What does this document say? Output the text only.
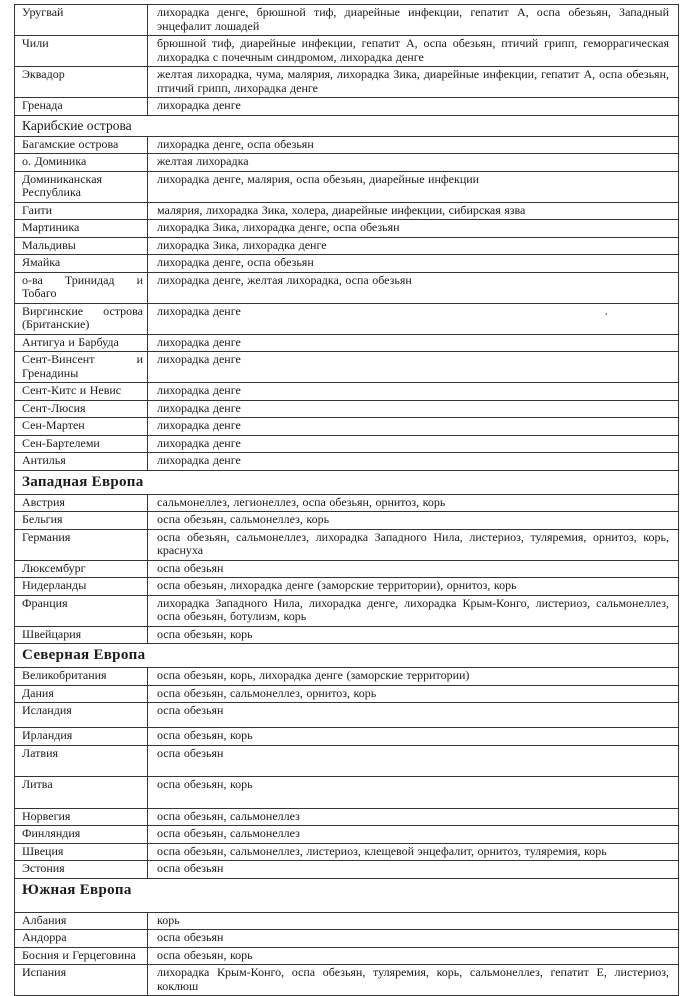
Уругвай	лихорадка денге, брюшной тиф, диарейные инфекции, гепатит А, оспа обезьян, Западный энцефалит лошадей
Чили	брюшной тиф, диарейные инфекции, гепатит А, оспа обезьян, птичий грипп, геморрагическая лихорадка с почечным синдромом, лихорадка денге
Эквадор	желтая лихорадка, чума, малярия, лихорадка Зика, диарейные инфекции, гепатит А, оспа обезьян, птичий грипп, лихорадка денге
Гренада	лихорадка денге
Карибские острова	
Багамские острова	лихорадка денге, оспа обезьян
о. Доминика	желтая лихорадка
Доминиканская Республика	лихорадка денге, малярия, оспа обезьян, диарейные инфекции
Гаити	малярия, лихорадка Зика, холера, диарейные инфекции, сибирская язва
Мартиника	лихорадка Зика, лихорадка денге, оспа обезьян
Мальдивы	лихорадка Зика, лихорадка денге
Ямайка	лихорадка денге, оспа обезьян
о-ва Тринидад и Тобаго	лихорадка денге, желтая лихорадка, оспа обезьян
Виргинские острова (Британские)	лихорадка денге
Антигуа и Барбуда	лихорадка денге
Сент-Винсент и Гренадины	лихорадка денге
Сент-Китс и Невис	лихорадка денге
Сент-Люсия	лихорадка денге
Сен-Мартен	лихорадка денге
Сен-Бартелеми	лихорадка денге
Антилья	лихорадка денге
Западная Европа	
Австрия	сальмонеллез, легионеллез, оспа обезьян, орнитоз, корь
Бельгия	оспа обезьян, сальмонеллез, корь
Германия	оспа обезьян, сальмонеллез, лихорадка Западного Нила, листериоз, туляремия, орнитоз, корь, краснуха
Люксембург	оспа обезьян
Нидерланды	оспа обезьян, лихорадка денге (заморские территории), орнитоз, корь
Франция	лихорадка Западного Нила, лихорадка денге, лихорадка Крым-Конго, листериоз, сальмонеллез, оспа обезьян, ботулизм, корь
Швейцария	оспа обезьян, корь
Северная Европа	
Великобритания	оспа обезьян, корь, лихорадка денге (заморские территории)
Дания	оспа обезьян, сальмонеллез, орнитоз, корь
Исландия	оспа обезьян
Ирландия	оспа обезьян, корь
Латвия	оспа обезьян
Литва	оспа обезьян, корь
Норвегия	оспа обезьян, сальмонеллез
Финляндия	оспа обезьян, сальмонеллез
Швеция	оспа обезьян, сальмонеллез, листериоз, клещевой энцефалит, орнитоз, туляремия, корь
Эстония	оспа обезьян
Южная Европа	
Албания	корь
Андорра	оспа обезьян
Босния и Герцеговина	оспа обезьян, корь
Испания	лихорадка Крым-Конго, оспа обезьян, туляремия, корь, сальмонеллез, гепатит Е, листериоз, коклюш
,
